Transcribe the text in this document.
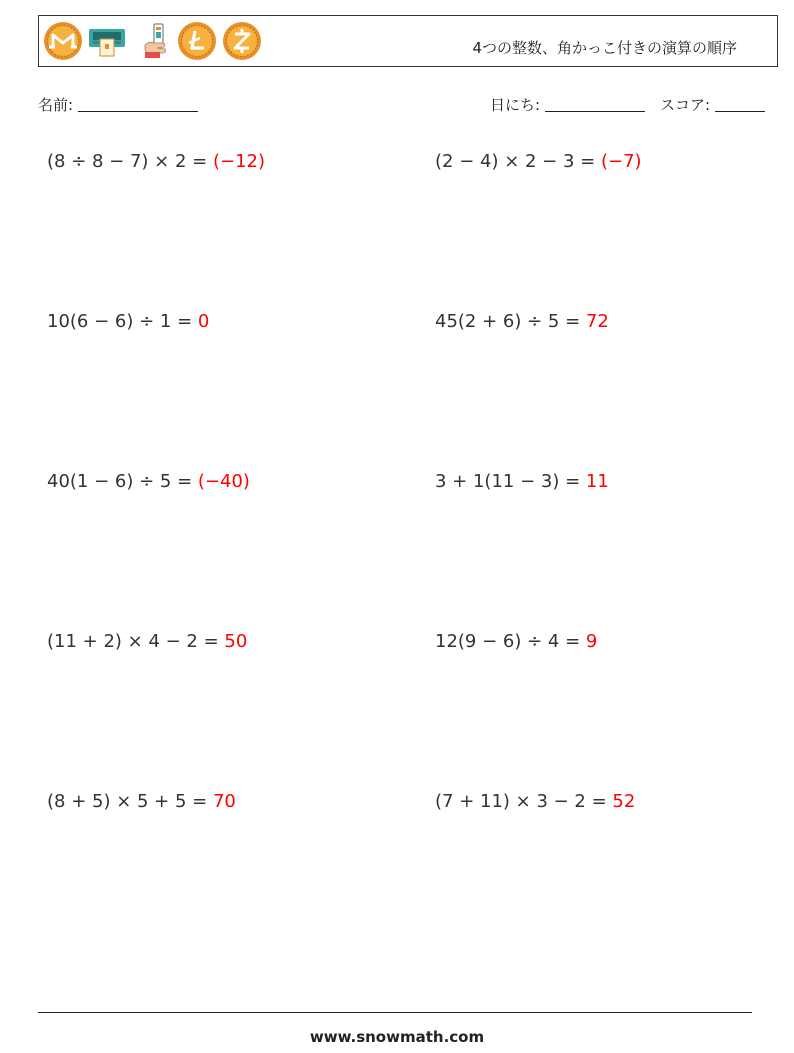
4つの整数、角かっこ付きの演算の順序
名前:	日にち:	スコア:
(8 ÷ 8 − 7) × 2 = (−12)	(2 − 4) × 2 − 3 = (−7)
10(6 − 6) ÷ 1 = 0	45(2 + 6) ÷ 5 = 72
40(1 − 6) ÷ 5 = (−40)	3 + 1(11 − 3) = 11
(11 + 2) × 4 − 2 = 50	12(9 − 6) ÷ 4 = 9
(8 + 5) × 5 + 5 = 70	(7 + 11) × 3 − 2 = 52
www.snowmath.com
